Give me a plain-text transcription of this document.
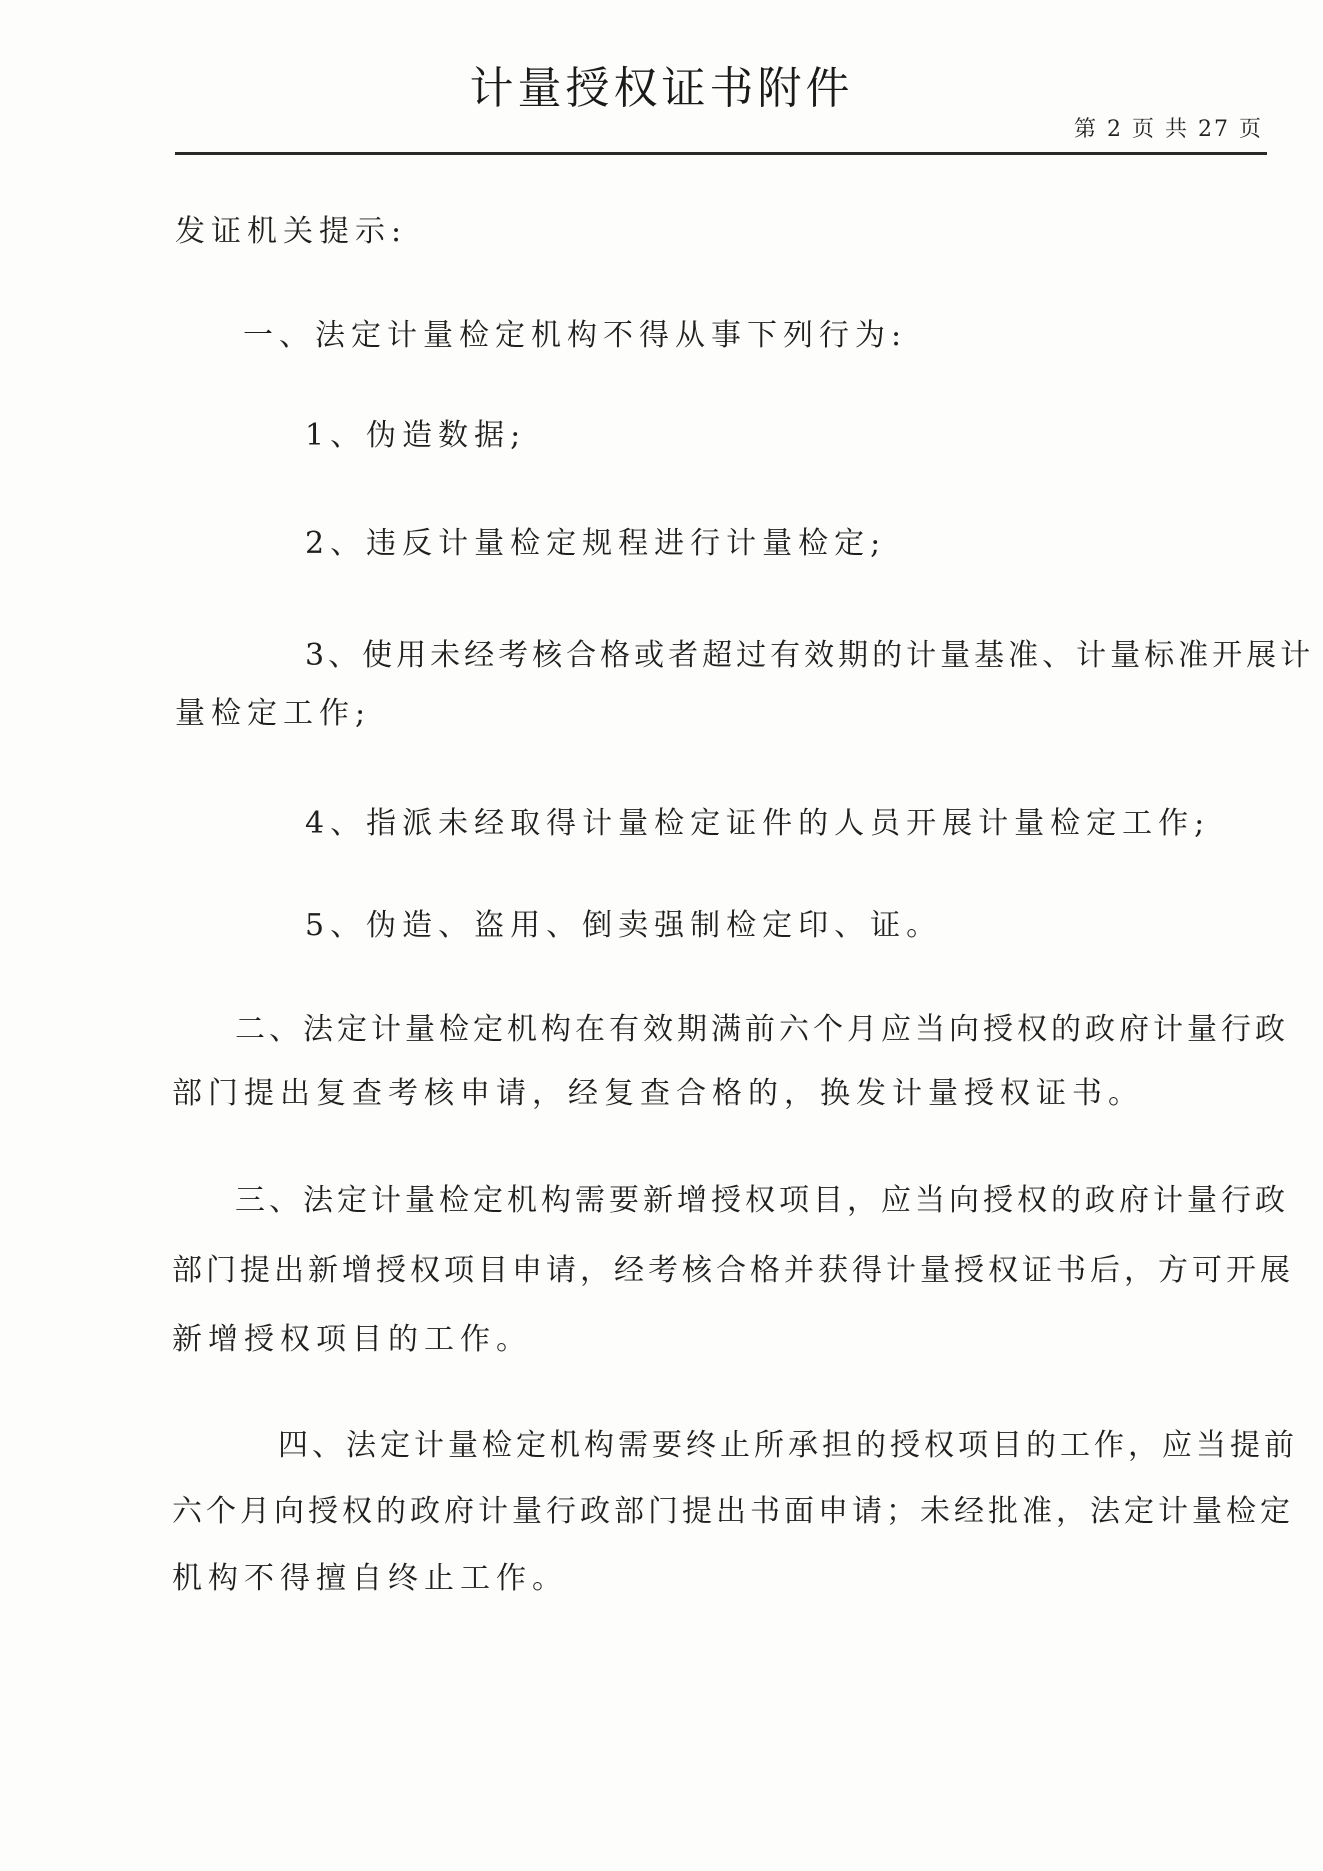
计量授权证书附件
第 2 页 共 27 页
发证机关提示:
一、法定计量检定机构不得从事下列行为:
1、伪造数据;
2、违反计量检定规程进行计量检定;
3、使用未经考核合格或者超过有效期的计量基准、计量标准开展计
量检定工作;
4、指派未经取得计量检定证件的人员开展计量检定工作;
5、伪造、盗用、倒卖强制检定印、证。
二、法定计量检定机构在有效期满前六个月应当向授权的政府计量行政
部门提出复查考核申请，经复查合格的，换发计量授权证书。
三、法定计量检定机构需要新增授权项目，应当向授权的政府计量行政
部门提出新增授权项目申请，经考核合格并获得计量授权证书后，方可开展
新增授权项目的工作。
四、法定计量检定机构需要终止所承担的授权项目的工作，应当提前
六个月向授权的政府计量行政部门提出书面申请；未经批准，法定计量检定
机构不得擅自终止工作。
